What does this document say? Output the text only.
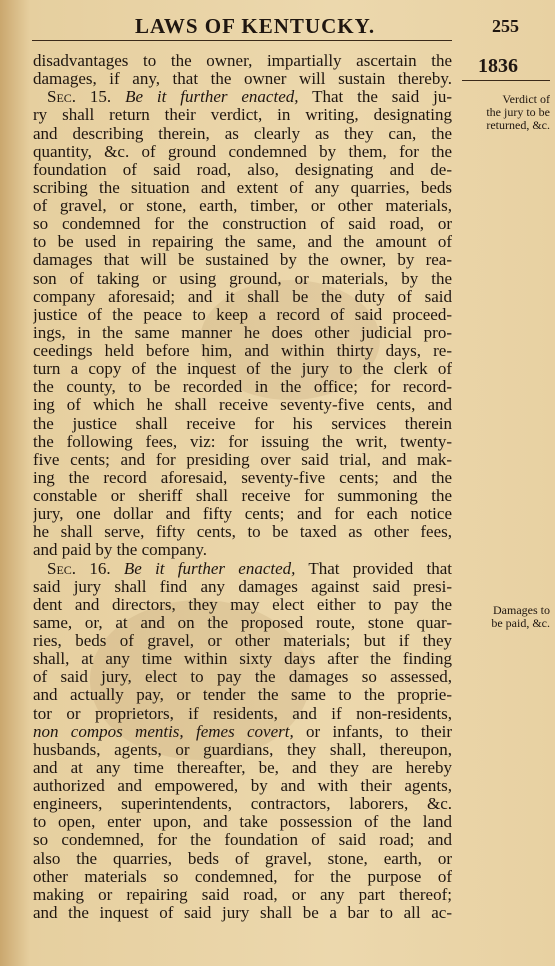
LAWS OF KENTUCKY.	255
1836
Verdict of
the jury to be
returned, &c.
Damages to
be paid, &c.
disadvantages to the owner, impartially ascertain the
damages, if any, that the owner will sustain thereby.
Sec. 15. Be it further enacted, That the said ju-
ry shall return their verdict, in writing, designating
and describing therein, as clearly as they can, the
quantity, &c. of ground condemned by them, for the
foundation of said road, also, designating and de-
scribing the situation and extent of any quarries, beds
of gravel, or stone, earth, timber, or other materials,
so condemned for the construction of said road, or
to be used in repairing the same, and the amount of
damages that will be sustained by the owner, by rea-
son of taking or using ground, or materials, by the
company aforesaid; and it shall be the duty of said
justice of the peace to keep a record of said proceed-
ings, in the same manner he does other judicial pro-
ceedings held before him, and within thirty days, re-
turn a copy of the inquest of the jury to the clerk of
the county, to be recorded in the office; for record-
ing of which he shall receive seventy-five cents, and
the justice shall receive for his services therein
the following fees, viz: for issuing the writ, twenty-
five cents; and for presiding over said trial, and mak-
ing the record aforesaid, seventy-five cents; and the
constable or sheriff shall receive for summoning the
jury, one dollar and fifty cents; and for each notice
he shall serve, fifty cents, to be taxed as other fees,
and paid by the company.
Sec. 16. Be it further enacted, That provided that
said jury shall find any damages against said presi-
dent and directors, they may elect either to pay the
same, or, at and on the proposed route, stone quar-
ries, beds of gravel, or other materials; but if they
shall, at any time within sixty days after the finding
of said jury, elect to pay the damages so assessed,
and actually pay, or tender the same to the proprie-
tor or proprietors, if residents, and if non-residents,
non compos mentis, femes covert, or infants, to their
husbands, agents, or guardians, they shall, thereupon,
and at any time thereafter, be, and they are hereby
authorized and empowered, by and with their agents,
engineers, superintendents, contractors, laborers, &c.
to open, enter upon, and take possession of the land
so condemned, for the foundation of said road; and
also the quarries, beds of gravel, stone, earth, or
other materials so condemned, for the purpose of
making or repairing said road, or any part thereof;
and the inquest of said jury shall be a bar to all ac-
